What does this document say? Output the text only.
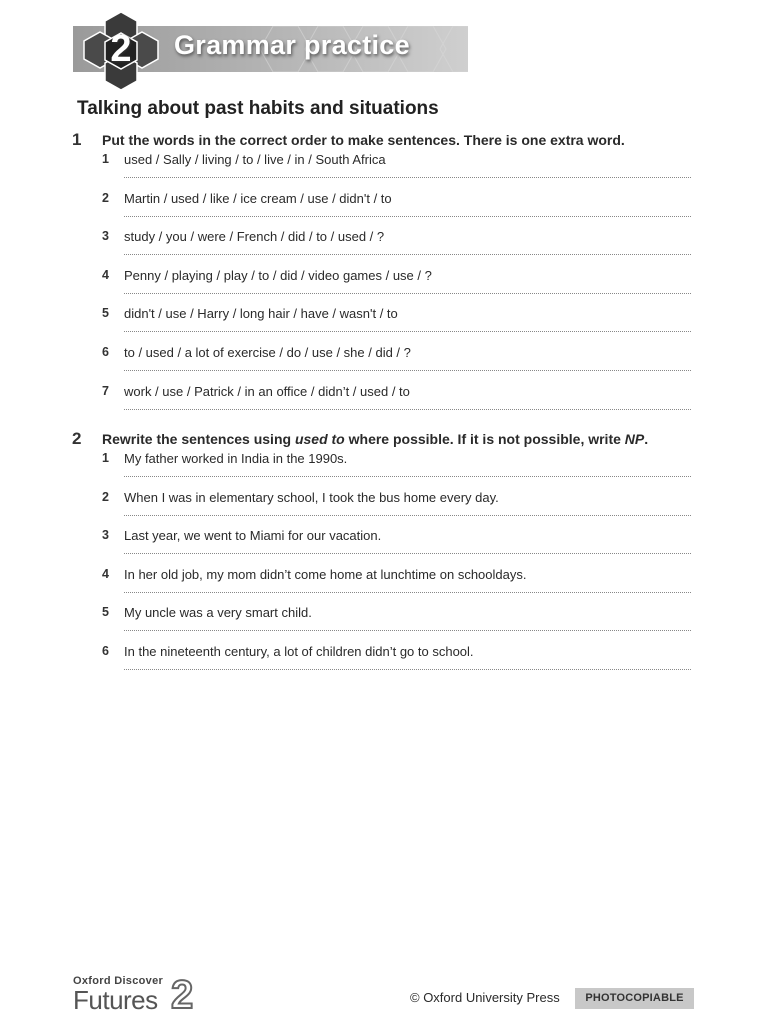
2	Grammar practice
Talking about past habits and situations
1 Put the words in the correct order to make sentences. There is one extra word.
1 used / Sally / living / to / live / in / South Africa
2 Martin / used / like / ice cream / use / didn't / to
3 study / you / were / French / did / to / used / ?
4 Penny / playing / play / to / did / video games / use / ?
5 didn't / use / Harry / long hair / have / wasn't / to
6 to / used / a lot of exercise / do / use / she / did / ?
7 work / use / Patrick / in an office / didn’t / used / to
2 Rewrite the sentences using used to where possible. If it is not possible, write NP.
1 My father worked in India in the 1990s.
2 When I was in elementary school, I took the bus home every day.
3 Last year, we went to Miami for our vacation.
4 In her old job, my mom didn’t come home at lunchtime on schooldays.
5 My uncle was a very smart child.
6 In the nineteenth century, a lot of children didn’t go to school.
Oxford Discover
Futures 2	© Oxford University Press	PHOTOCOPIABLE
